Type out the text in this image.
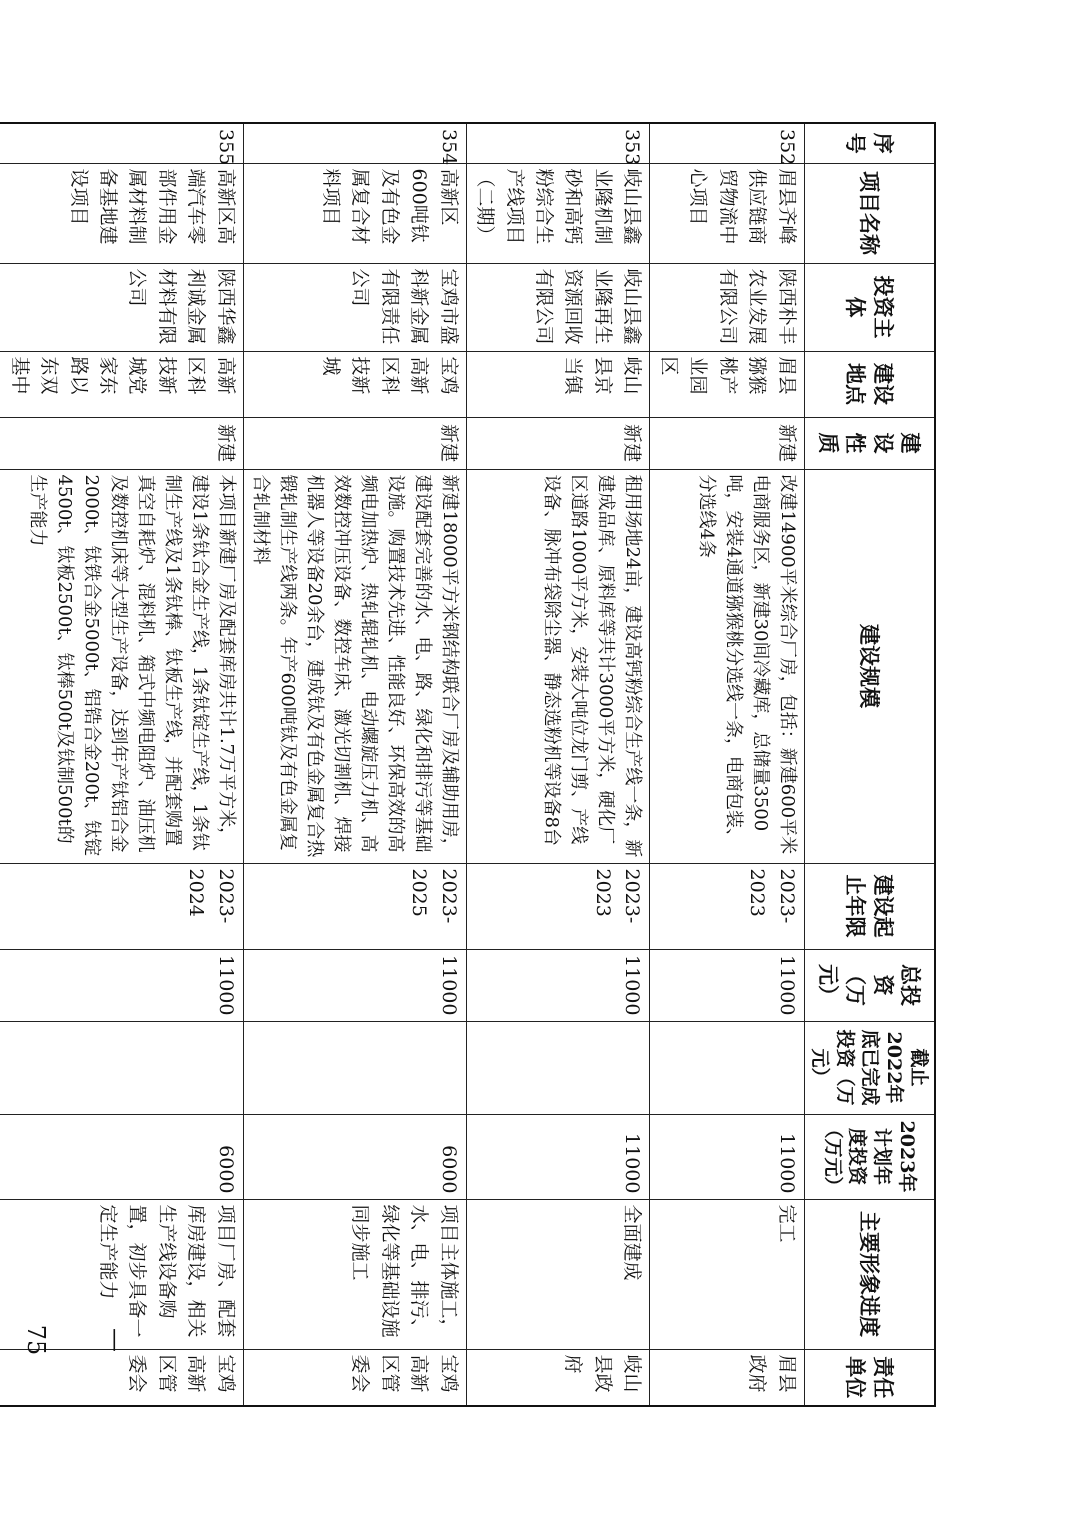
序号	项目名称	投资主体	建设地点	建设性质	建设规模	建设起止年限	总投资（万元）	截止2022年底已完成投资（万元）	2023年计划年度投资（万元）	主要形象进度	责任单位
352	眉县齐峰供应链商贸物流中心项目	陕西朴丰农业发展有限公司	眉县猕猴桃产业园区	新建	改建14900平米综合厂房，包括：新建600平米电商服务区，新建30间冷藏库，总储量3500吨，安装4通道猕猴桃分选线一条，电商包装、分选线4条	2023-2023	11000		11000	完工	眉县政府
353	岐山县鑫业隆机制砂和高钙粉综合生产线项目（二期）	岐山县鑫业隆再生资源回收有限公司	岐山县京当镇	新建	租用场地24亩，建设高钙粉综合生产线一条，新建成品库、原料库等共计3000平方米，硬化厂区道路1000平方米，安装大吨位龙门剪、产线设备、脉冲布袋除尘器、静态选粉机等设备8台	2023-2023	11000		11000	全面建成	岐山县政府
354	高新区600吨钛及有色金属复合材料项目	宝鸡市盛科新金属有限责任公司	宝鸡高新区科技新城	新建	新建18000平方米钢结构联合厂房及辅助用房，建设配套完善的水、电、路、绿化和排污等基础设施。购置技术先进、性能良好、环保高效的高频电加热炉、热轧辊轧机、电动螺旋压力机、高效数控冲压设备、数控车床、激光切割机、焊接机器人等设备20余台，建成钛及有色金属复合热锻轧制生产线两条。年产600吨钛及有色金属复合轧制材料	2023-2025	11000		6000	项目主体施工，水、电、排污、绿化等基础设施同步施工	宝鸡高新区管委会
355	高新区高端汽车零部件用金属材料制备基地建设项目	陕西华鑫利诚金属材料有限公司	高新区科技新城党家东路以东双基中	新建	本项目新建厂房及配套库房共计1.7万平方米，建设1条钛合金生产线，1条钛锭生产线，1条钛制生产线及1条钛棒、钛板生产线，并配套购置真空自耗炉、混料机、箱式中频电阻炉、油压机及数控机床等大型生产设备，达到年产钛铝合金2000t、钛铁合金5000t、铝锆合金200t、钛锭4500t、钛板2500t、钛棒500t及钛制500t的生产能力	2023-2024	11000		6000	项目厂房、配套库房建设，相关生产线设备购置，初步具备一定生产能力	宝鸡高新区管委会
— 75
